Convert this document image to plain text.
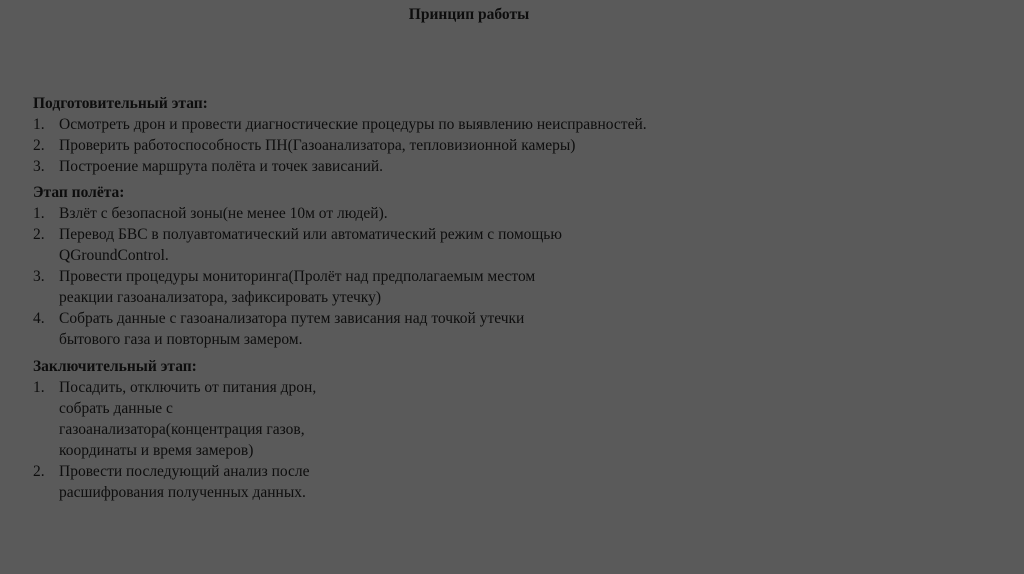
Принцип работы

Подготовительный этап:

1. Осмотреть дрон и провести диагностические процедуры по выявлению неисправностей.
2. Проверить работоспособность ПН(Газоанализатора, тепловизионной камеры)
3. Построение маршрута полёта и точек зависаний.

Этап полёта:

1. Взлёт с безопасной зоны(не менее 10м от людей).
2. Перевод БВС в полуавтоматический или автоматический режим с помощью QGroundControl.
3. Провести процедуры мониторинга(Пролёт над предполагаемым местом реакции газоанализатора, зафиксировать утечку)
4. Собрать данные с газоанализатора путем зависания над точкой утечки бытового газа и повторным замером.

Заключительный этап:

1. Посадить, отключить от питания дрон, собрать данные с газоанализатора(концентрация газов, координаты и время замеров)
2. Провести последующий анализ после расшифрования полученных данных.
